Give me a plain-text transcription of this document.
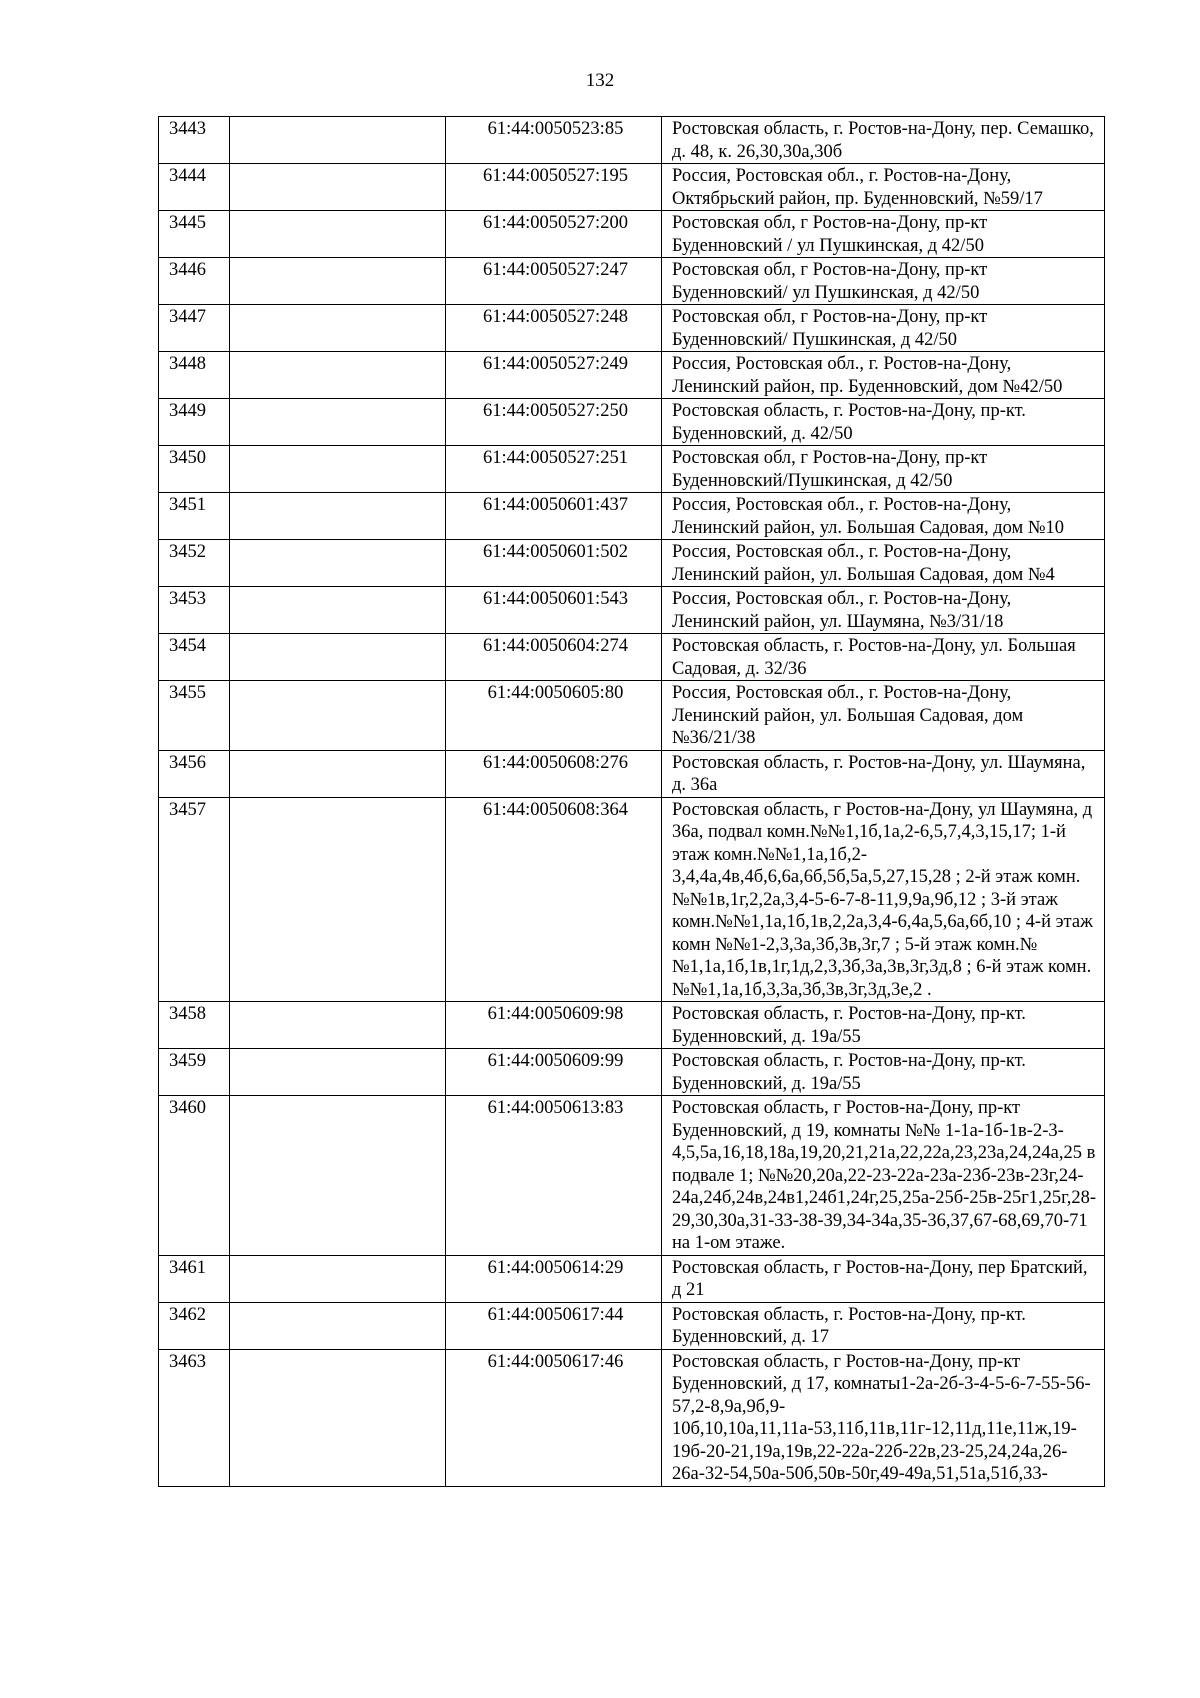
132
3443		61:44:0050523:85	Ростовская область, г. Ростов-на-Дону, пер. Семашко, д. 48, к. 26,30,30а,30б
3444		61:44:0050527:195	Россия, Ростовская обл., г. Ростов-на-Дону, Октябрьский район, пр. Буденновский, №59/17
3445		61:44:0050527:200	Ростовская обл, г Ростов-на-Дону, пр-кт Буденновский / ул Пушкинская, д 42/50
3446		61:44:0050527:247	Ростовская обл, г Ростов-на-Дону, пр-кт Буденновский/ ул Пушкинская, д 42/50
3447		61:44:0050527:248	Ростовская обл, г Ростов-на-Дону, пр-кт Буденновский/ Пушкинская, д 42/50
3448		61:44:0050527:249	Россия, Ростовская обл., г. Ростов-на-Дону, Ленинский район, пр. Буденновский, дом №42/50
3449		61:44:0050527:250	Ростовская область, г. Ростов-на-Дону, пр-кт. Буденновский, д. 42/50
3450		61:44:0050527:251	Ростовская обл, г Ростов-на-Дону, пр-кт Буденновский/Пушкинская, д 42/50
3451		61:44:0050601:437	Россия, Ростовская обл., г. Ростов-на-Дону, Ленинский район, ул. Большая Садовая, дом №10
3452		61:44:0050601:502	Россия, Ростовская обл., г. Ростов-на-Дону, Ленинский район, ул. Большая Садовая, дом №4
3453		61:44:0050601:543	Россия, Ростовская обл., г. Ростов-на-Дону, Ленинский район, ул. Шаумяна, №3/31/18
3454		61:44:0050604:274	Ростовская область, г. Ростов-на-Дону, ул. Большая Садовая, д. 32/36
3455		61:44:0050605:80	Россия, Ростовская обл., г. Ростов-на-Дону, Ленинский район, ул. Большая Садовая, дом №36/21/38
3456		61:44:0050608:276	Ростовская область, г. Ростов-на-Дону, ул. Шаумяна, д. 36а
3457		61:44:0050608:364	Ростовская область, г Ростов-на-Дону, ул Шаумяна, д 36а, подвал комн.№№1,1б,1а,2-6,5,7,4,3,15,17; 1-й этаж комн.№№1,1а,1б,2-3,4,4а,4в,4б,6,6а,6б,5б,5а,5,27,15,28 ; 2-й этаж комн. №№1в,1г,2,2а,3,4-5-6-7-8-11,9,9а,9б,12 ; 3-й этаж комн.№№1,1а,1б,1в,2,2а,3,4-6,4а,5,6а,6б,10 ; 4-й этаж комн №№1-2,3,3а,3б,3в,3г,7 ; 5-й этаж комн.№№1,1а,1б,1в,1г,1д,2,3,3б,3а,3в,3г,3д,8 ; 6-й этаж комн.№№1,1а,1б,3,3а,3б,3в,3г,3д,3е,2 .
3458		61:44:0050609:98	Ростовская область, г. Ростов-на-Дону, пр-кт. Буденновский, д. 19а/55
3459		61:44:0050609:99	Ростовская область, г. Ростов-на-Дону, пр-кт. Буденновский, д. 19а/55
3460		61:44:0050613:83	Ростовская область, г Ростов-на-Дону, пр-кт Буденновский, д 19, комнаты №№ 1-1а-1б-1в-2-3-4,5,5а,16,18,18а,19,20,21,21а,22,22а,23,23а,24,24а,25 в подвале 1; №№20,20а,22-23-22а-23а-23б-23в-23г,24-24а,24б,24в,24в1,24б1,24г,25,25а-25б-25в-25г1,25г,28-29,30,30а,31-33-38-39,34-34а,35-36,37,67-68,69,70-71 на 1-ом этаже.
3461		61:44:0050614:29	Ростовская область, г Ростов-на-Дону, пер Братский, д 21
3462		61:44:0050617:44	Ростовская область, г. Ростов-на-Дону, пр-кт. Буденновский, д. 17
3463		61:44:0050617:46	Ростовская область, г Ростов-на-Дону, пр-кт Буденновский, д 17, комнаты1-2а-2б-3-4-5-6-7-55-56-57,2-8,9а,9б,9-10б,10,10а,11,11а-53,11б,11в,11г-12,11д,11е,11ж,19-19б-20-21,19а,19в,22-22а-22б-22в,23-25,24,24а,26-26а-32-54,50а-50б,50в-50г,49-49а,51,51а,51б,33-
